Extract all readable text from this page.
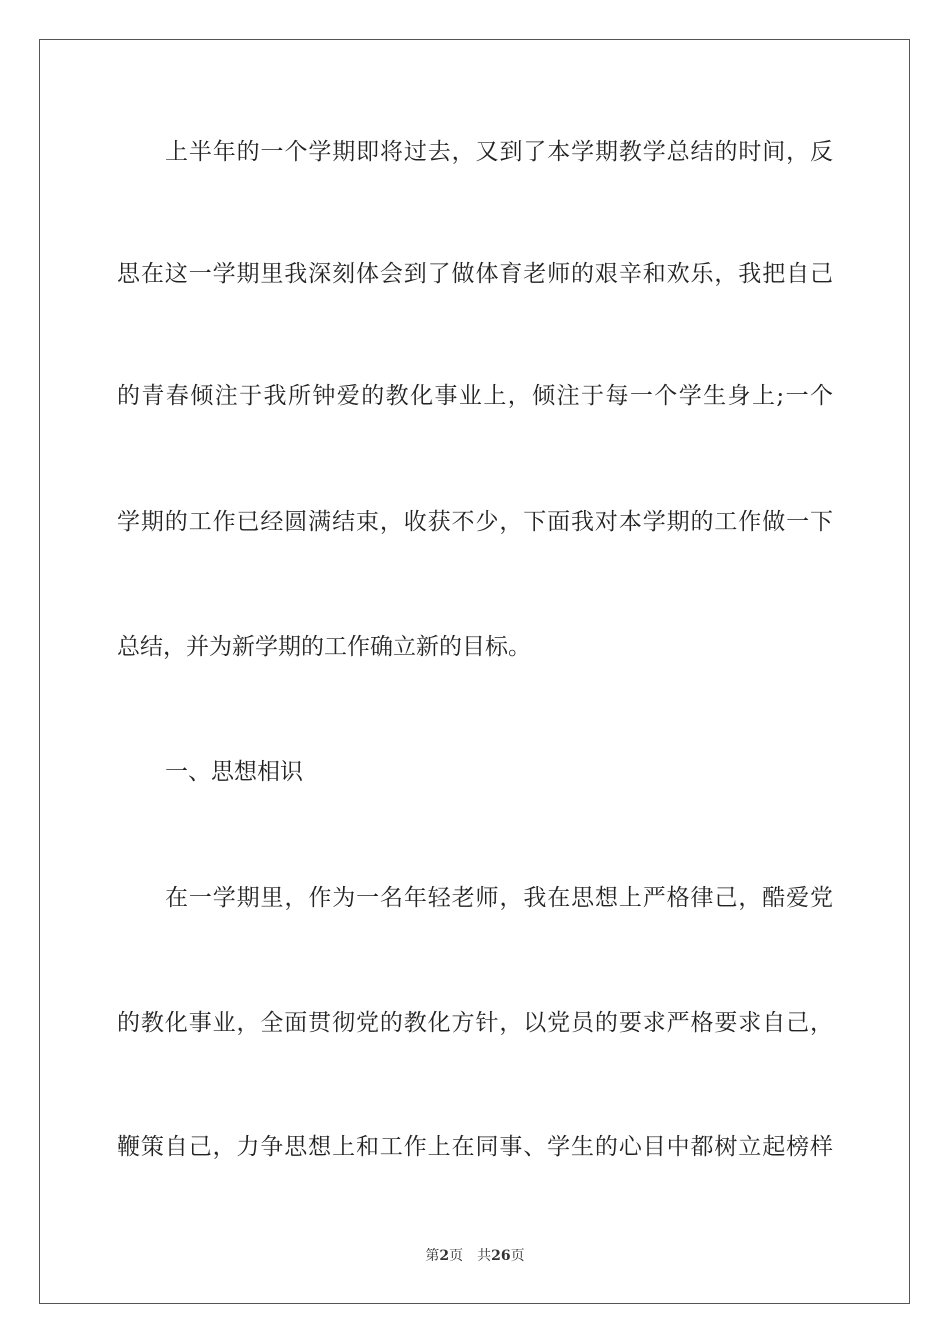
上半年的一个学期即将过去，又到了本学期教学总结的时间，反
思在这一学期里我深刻体会到了做体育老师的艰辛和欢乐，我把自己
的青春倾注于我所钟爱的教化事业上，倾注于每一个学生身上;一个
学期的工作已经圆满结束，收获不少，下面我对本学期的工作做一下
总结，并为新学期的工作确立新的目标。
一、思想相识
在一学期里，作为一名年轻老师，我在思想上严格律己，酷爱党
的教化事业，全面贯彻党的教化方针，以党员的要求严格要求自己，
鞭策自己，力争思想上和工作上在同事、学生的心目中都树立起榜样
第2页 共26页
